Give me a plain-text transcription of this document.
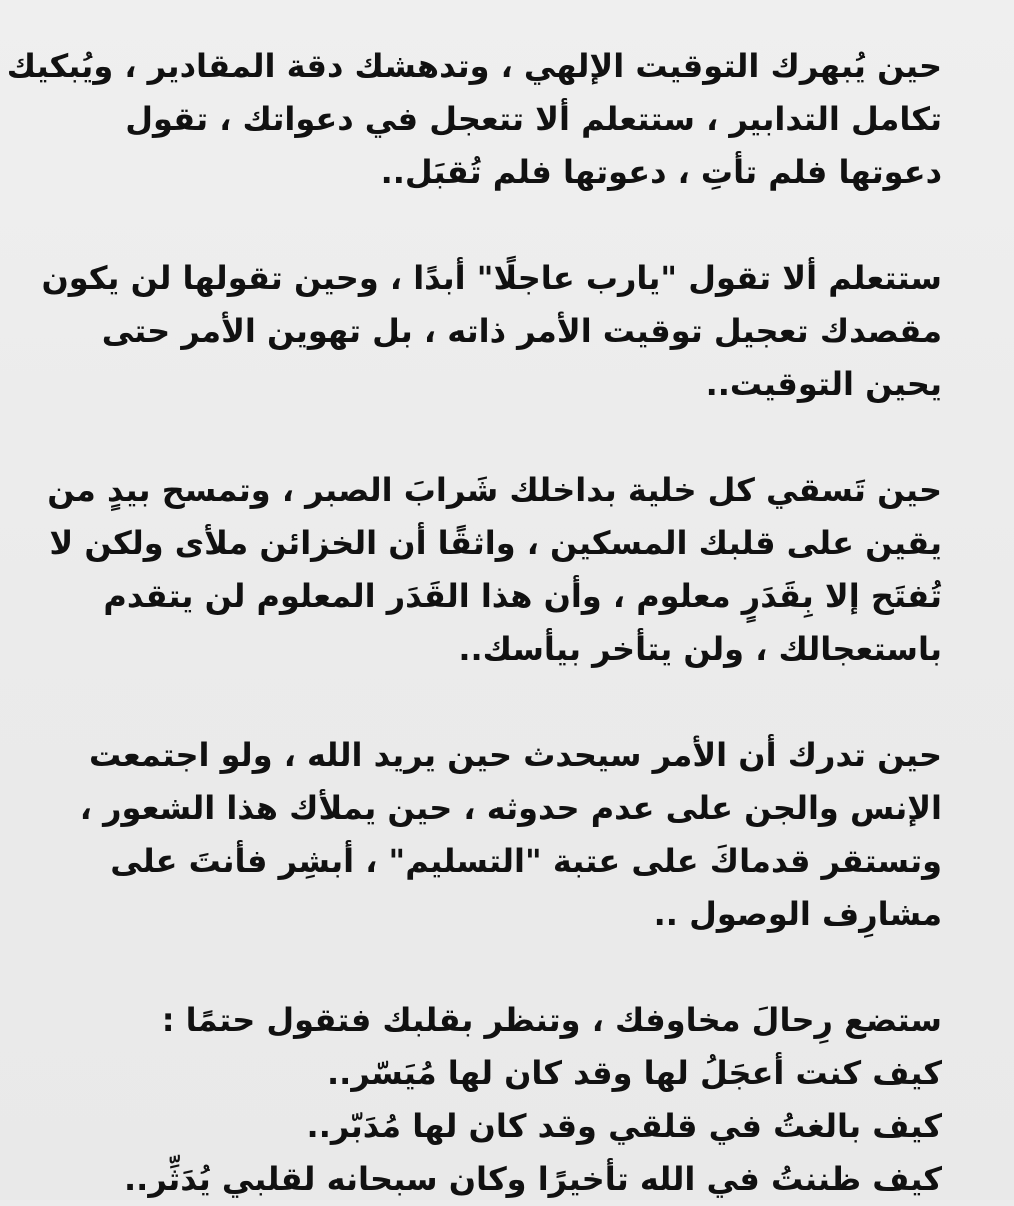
حين يُبهرك التوقيت الإلهي ، وتدهشك دقة المقادير ، ويُبكيك
تكامل التدابير ، ستتعلم ألا تتعجل في دعواتك ، تقول
دعوتها فلم تأتِ ، دعوتها فلم تُقبَل..

ستتعلم ألا تقول "يارب عاجلًا" أبدًا ، وحين تقولها لن يكون
مقصدك تعجيل توقيت الأمر ذاته ، بل تهوين الأمر حتى
يحين التوقيت..

حين تَسقي كل خلية بداخلك شَرابَ الصبر ، وتمسح بيدٍ من
يقين على قلبك المسكين ، واثقًا أن الخزائن ملأى ولكن لا
تُفتَح إلا بِقَدَرٍ معلوم ، وأن هذا القَدَر المعلوم لن يتقدم
باستعجالك ، ولن يتأخر بيأسك..

حين تدرك أن الأمر سيحدث حين يريد الله ، ولو اجتمعت
الإنس والجن على عدم حدوثه ، حين يملأك هذا الشعور ،
وتستقر قدماكَ على عتبة "التسليم" ، أبشِر فأنتَ على
مشارِف الوصول ..

ستضع رِحالَ مخاوفك ، وتنظر بقلبك فتقول حتمًا :
كيف كنت أعجَلُ لها وقد كان لها مُيَسّر..
كيف بالغتُ في قلقي وقد كان لها مُدَبّر..
كيف ظننتُ في الله تأخيرًا وكان سبحانه لقلبي يُدَثِّر..
